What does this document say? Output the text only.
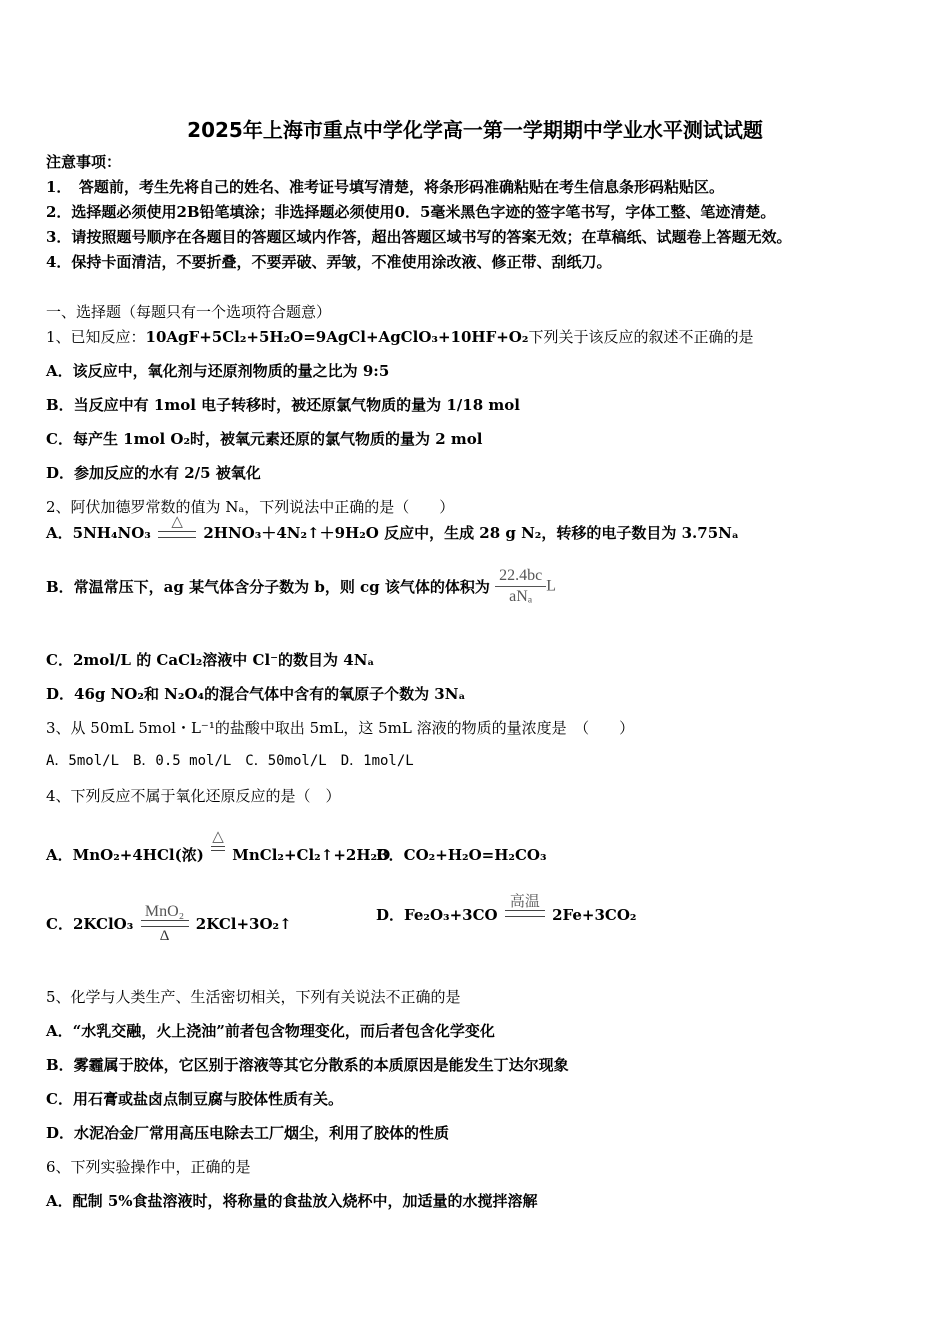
2025年上海市重点中学化学高一第一学期期中学业水平测试试题
注意事项：
1．　答题前，考生先将自己的姓名、准考证号填写清楚，将条形码准确粘贴在考生信息条形码粘贴区。
2．选择题必须使用2B铅笔填涂；非选择题必须使用0．5毫米黑色字迹的签字笔书写，字体工整、笔迹清楚。
3．请按照题号顺序在各题目的答题区域内作答，超出答题区域书写的答案无效；在草稿纸、试题卷上答题无效。
4．保持卡面清洁，不要折叠，不要弄破、弄皱，不准使用涂改液、修正带、刮纸刀。
一、选择题（每题只有一个选项符合题意）
1、已知反应：10AgF+5Cl₂+5H₂O=9AgCl+AgClO₃+10HF+O₂下列关于该反应的叙述不正确的是
A．该反应中，氧化剂与还原剂物质的量之比为 9:5
B．当反应中有 1mol 电子转移时，被还原氯气物质的量为 1/18 mol
C．每产生 1mol O₂时，被氧元素还原的氯气物质的量为 2 mol
D．参加反应的水有 2/5 被氧化
2、阿伏加德罗常数的值为 Nₐ，下列说法中正确的是（　　）
A．5NH₄NO₃
△
2HNO₃＋4N₂↑＋9H₂O 反应中，生成 28 g N₂，转移的电子数目为 3.75Nₐ
B．常温常压下，ag 某气体含分子数为 b，则 cg 该气体的体积为 $\frac{22.4bc}{\text{aNₐ}}$ L
C．2mol/L 的 CaCl₂溶液中 Cl⁻的数目为 4Nₐ
D．46g NO₂和 N₂O₄的混合气体中含有的氧原子个数为 3Nₐ
3、从 50mL 5mol・L⁻¹的盐酸中取出 5mL，这 5mL 溶液的物质的量浓度是　（　　）
A．5mol/L　B．0.5 mol/L　C．50mol/L　D．1mol/L
4、下列反应不属于氧化还原反应的是（　）
A．MnO₂+4HCl(浓)
△
MnCl₂+Cl₂↑+2H₂O
B．CO₂+H₂O=H₂CO₃
C．2KClO₃
MnO₂
Δ
2KCl+3O₂↑	D．Fe₂O₃+3CO
高温
2Fe+3CO₂
5、化学与人类生产、生活密切相关，下列有关说法不正确的是
A．“水乳交融，火上浇油”前者包含物理变化，而后者包含化学变化
B．雾霾属于胶体，它区别于溶液等其它分散系的本质原因是能发生丁达尔现象
C．用石膏或盐卤点制豆腐与胶体性质有关。
D．水泥冶金厂常用高压电除去工厂烟尘，利用了胶体的性质
6、下列实验操作中，正确的是
A．配制 5%食盐溶液时，将称量的食盐放入烧杯中，加适量的水搅拌溶解
